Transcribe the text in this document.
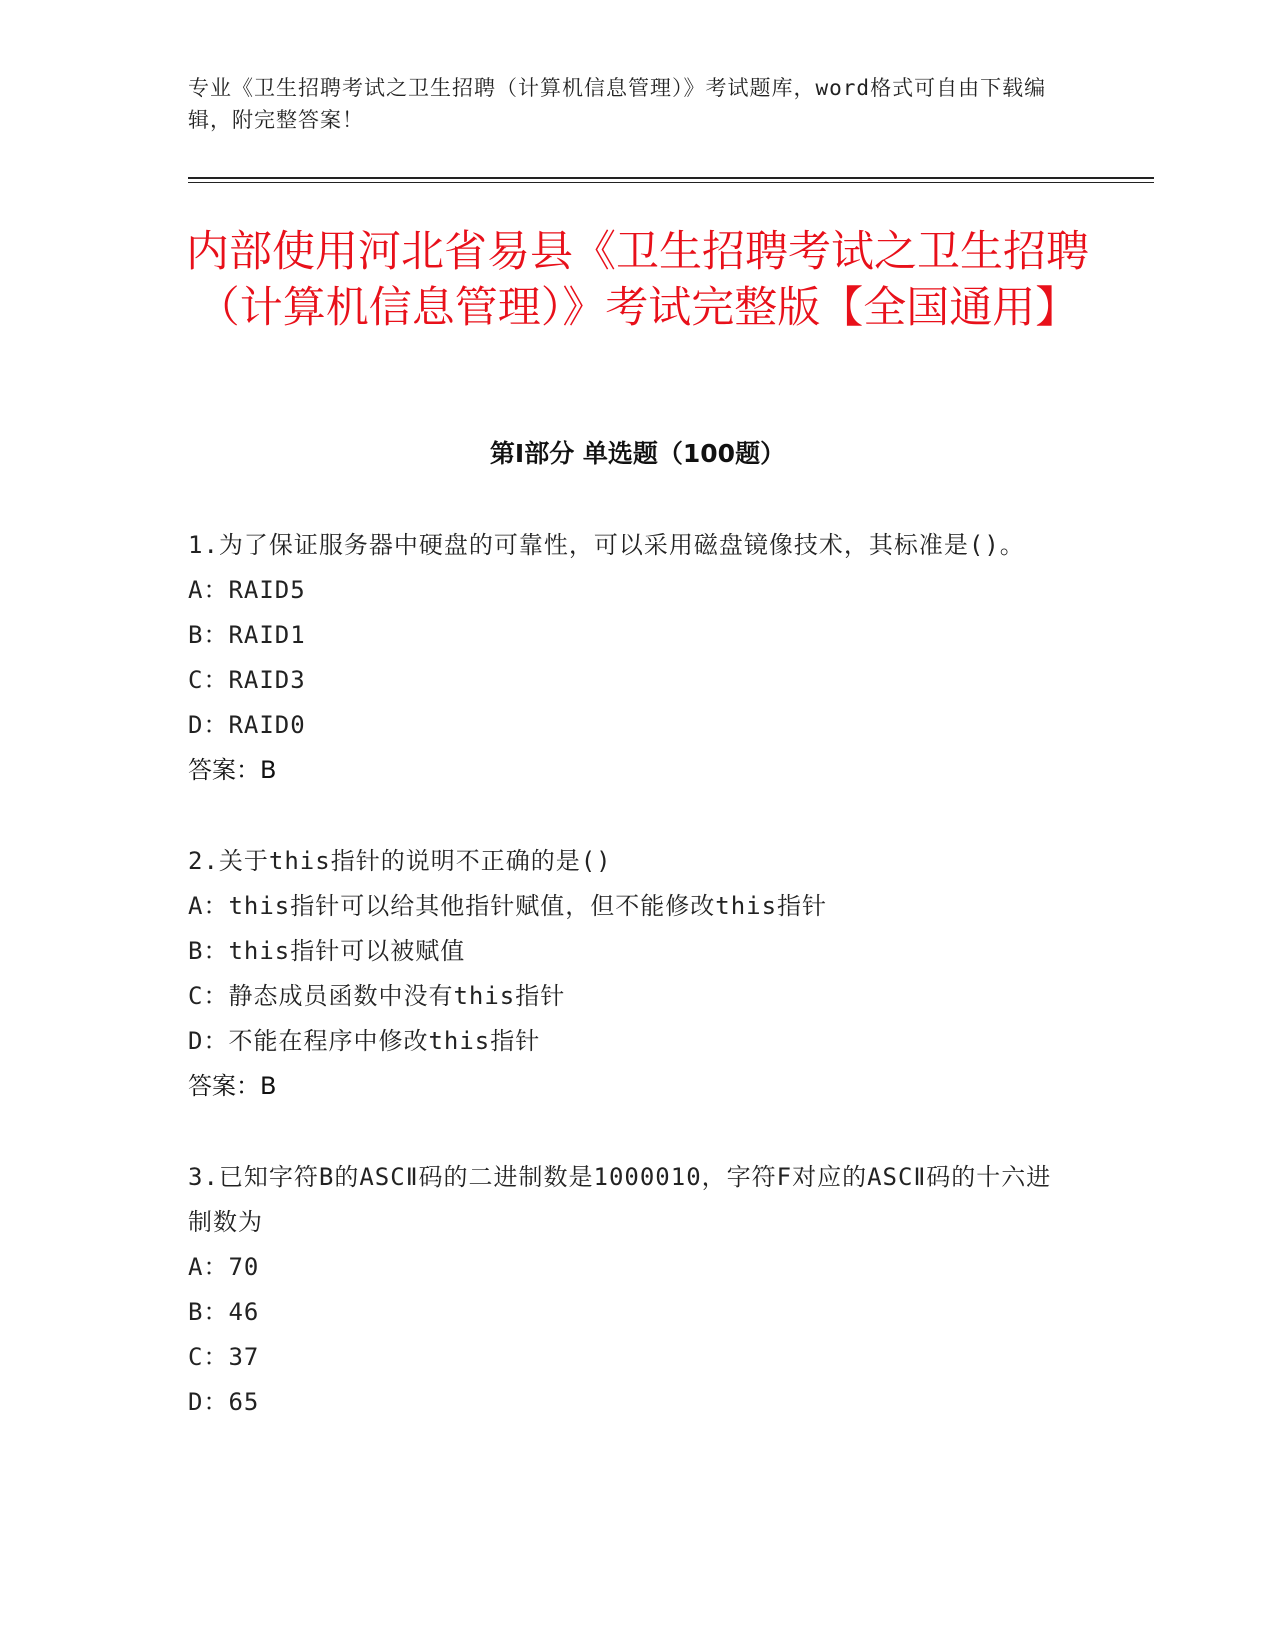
专业《卫生招聘考试之卫生招聘（计算机信息管理）》考试题库，word格式可自由下载编辑，附完整答案！
内部使用河北省易县《卫生招聘考试之卫生招聘（计算机信息管理）》考试完整版【全国通用】
第I部分 单选题（100题）

1.为了保证服务器中硬盘的可靠性，可以采用磁盘镜像技术，其标准是()。

A：RAID5

B：RAID1

C：RAID3

D：RAID0

答案：B

2.关于this指针的说明不正确的是()

A：this指针可以给其他指针赋值，但不能修改this指针

B：this指针可以被赋值

C：静态成员函数中没有this指针

D：不能在程序中修改this指针

答案：B

3.已知字符B的ASCⅡ码的二进制数是1000010，字符F对应的ASCⅡ码的十六进制数为

A：70

B：46

C：37

D：65
